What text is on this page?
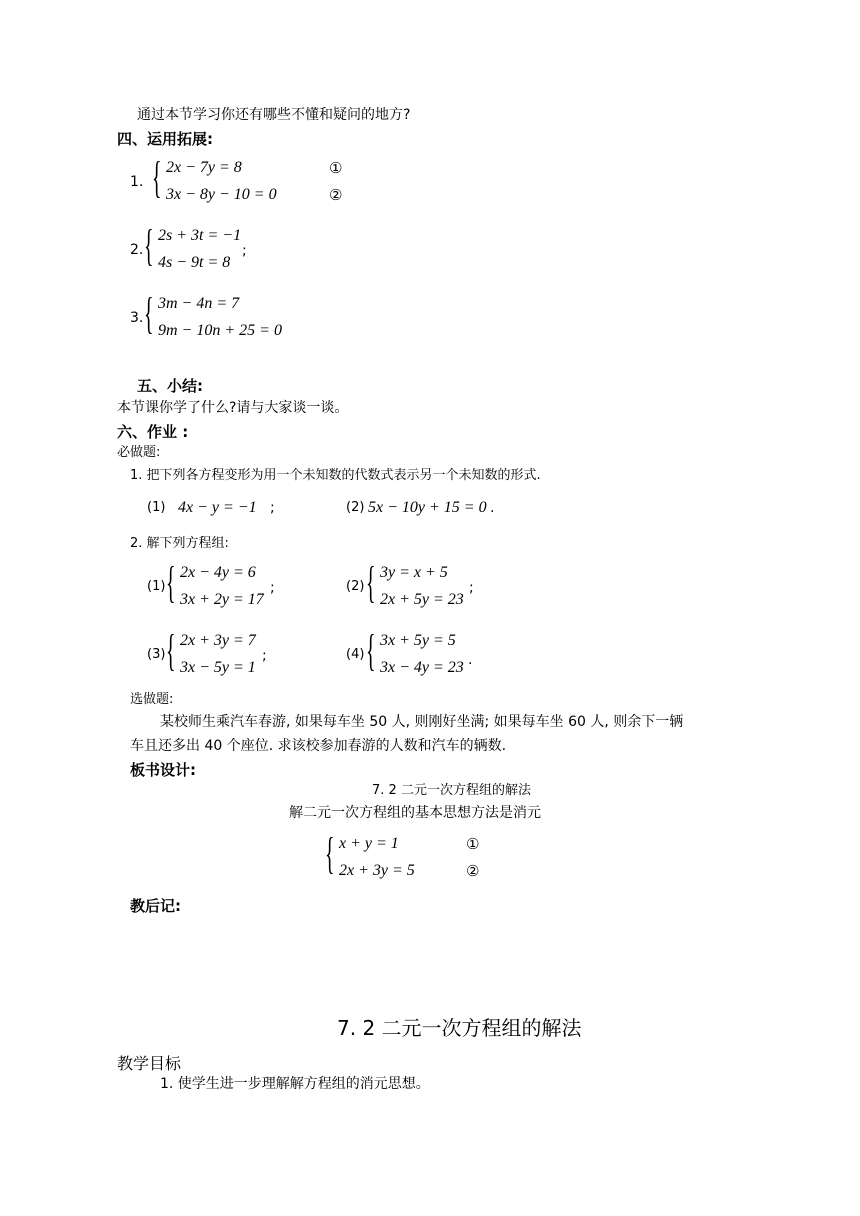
通过本节学习你还有哪些不懂和疑问的地方?
四、运用拓展:
1. { 2x − 7y = 8
3x − 8y − 10 = 0
①
②
2. { 2s + 3t = −1
4s − 9t = 8
;
3. { 3m − 4n = 7
9m − 10n + 25 = 0
五、小结:
本节课你学了什么?请与大家谈一谈。
六、作业 :
必做题:
1. 把下列各方程变形为用一个未知数的代数式表示另一个未知数的形式.
(1) 4x − y = −1 ;	(2) 5x − 10y + 15 = 0 .
2. 解下列方程组:
(1) { 2x − 4y = 6
3x + 2y = 17
;	(2) { 3y = x + 5
2x + 5y = 23
;
(3) { 2x + 3y = 7
3x − 5y = 1
;	(4) { 3x + 5y = 5
3x − 4y = 23 .
选做题:
某校师生乘汽车春游, 如果每车坐 50 人, 则刚好坐满; 如果每车坐 60 人, 则余下一辆
车且还多出 40 个座位. 求该校参加春游的人数和汽车的辆数.
板书设计:
7. 2 二元一次方程组的解法
解二元一次方程组的基本思想方法是消元
{ x + y = 1
2x + 3y = 5
①
②
教后记:
7. 2 二元一次方程组的解法
教学目标
1. 使学生进一步理解解方程组的消元思想。
